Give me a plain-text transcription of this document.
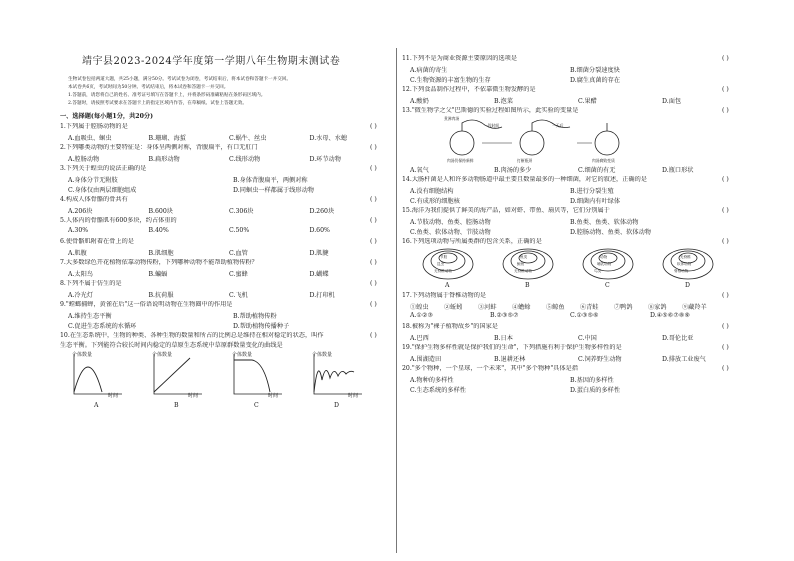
靖宇县2023-2024学年度第一学期八年生物期末测试卷
生物试卷包括两道大题，共25小题，满分50分。考试试卷为闭卷，考试结束后，将本试卷和答题卡一并交回。
本试卷共6页，考试时间为50分钟。考试结束后，将本试卷和答题卡一并交回。
1.答题前，请您将自己的姓名、准考证号填写在答题卡上，并将条形码准确粘贴在条形码区域内。
2.答题时，请按照考试要求在答题卡上的指定区域内作答，在草稿纸、试卷上答题无效。
一、选择题(每小题1分，共20分)
1.下列属于腔肠动物的是	( )
A.血吸虫、蛔虫	B.珊瑚、海蜇	C.蜗牛、丝虫	D.水母、水螅
2.下列哪类动物的主要特征是：身体呈两侧对称，背腹扁平，有口无肛门	( )
A.腔肠动物	B.扁形动物	C.线形动物	D.环节动物
3.下列关于蝗虫的说法正确的是	( )
A.身体分节无附肢	B.身体背腹扁平，两侧对称
C.身体仅由两层细胞组成	D.同蛔虫一样都属于线形动物
4.构成人体骨骼的骨共有	( )
A.206块	B.600块	C.306块	D.260块
5.人体内的骨骼肌有600多块，约占体重的	( )
A.30%	B.40%	C.50%	D.60%
6.使骨骼肌附着在骨上的是	( )
A.肌腹	B.肌细胞	C.血管	D.肌腱
7.大多数绿色开花植物依靠动物传粉，下列哪种动物不能帮助植物传粉？	( )
A.太阳鸟	B.蝙蝠	C.蜜蜂	D.蝴蝶
8.下列不属于仿生的是	( )
A.冷光灯	B.抗荷服	C.飞机	D.打印机
9."螳螂捕蝉，黄雀在后"这一俗语说明动物在生物圈中的作用是	( )
A.维持生态平衡	B.帮助植物传粉
C.促进生态系统的水循环	D.帮助植物传播种子
10.在生态系统中，生物的种类、各种生物的数量和所占的比例总是维持在相对稳定的状态，叫作	( )
生态平衡。下列能符合较长时间内稳定的草原生态系统中草原群数量变化的曲线是
个体数量
时间
A
个体数量
时间
B
个体数量
时间
C
个体数量
时间
D
11.下列不是为商业资源主要原因的选项是	( )
A.病菌的寄生	B.细菌分裂速度快
C.生物资源的丰富生物的生存	D.腐生真菌的存在
12.下列食品制作过程中，不依靠微生物发酵的是	( )
A.酸奶	B.泡菜	C.果醋	D.面包
13."微生物学之父"巴斯德的实验过程如图所示，此实验的变量是	( )
煮沸肉汤
一段时间	一天后
肉汤仍保持新鲜	打断瓶颈	肉汤腐败变质
A.氧气	B.肉汤的多少	C.细菌的有无	D.瓶口形状
14.大肠杆菌是人和许多动物肠道中最主要且数量最多的一种细菌，对它的叙述，正确的是	( )
A.没有细胞结构	B.进行分裂生殖
C.有成形的细胞核	D.细菌内有叶绿体
15.海洋为我们提供了鲜美的海产品，如对虾、带鱼、扇贝等，它们分别属于	( )
A.节肢动物、鱼类、腔肠动物	B.鱼类、鱼类、软体动物
C.鱼类、软体动物、节肢动物	D.腔肠动物、鱼类、软体动物
16.下列选项动物与所属类群的包含关系，正确的是	( )
节肢
昆虫
无脊椎动物
A
鱼类
鲸鱼
无脊椎动物
B
动物
哺乳动物
鸟类
C
无脊椎
软体动物
脊椎动物
D
17.下列动物属于脊椎动物的是	( )
①蝗虫 ②蚯蚓 ③河蚌 ④蟾蜍 ⑤鲸鱼 ⑥青蛙 ⑦鸭鸽 ⑧家鸽 ⑨藏羚羊
A.①②③	B.②③⑤⑦	C.①③⑤⑥	D.④⑤⑥⑦⑧⑨
18.被称为"裸子植物故乡"的国家是	( )
A.巴西	B.日本	C.中国	D.哥伦比亚
19."保护生物多样性就是保护我们的生命"，下列措施有利于保护生物多样性的是	( )
A.围湖造田	B.退耕还林	C.饲养野生动物	D.排放工业废气
20."多个物种，一个星球，一个未来"，其中"多个物种"具体是指	( )
A.物种的多样性	B.基因的多样性
C.生态系统的多样性	D.蛋白质的多样性
